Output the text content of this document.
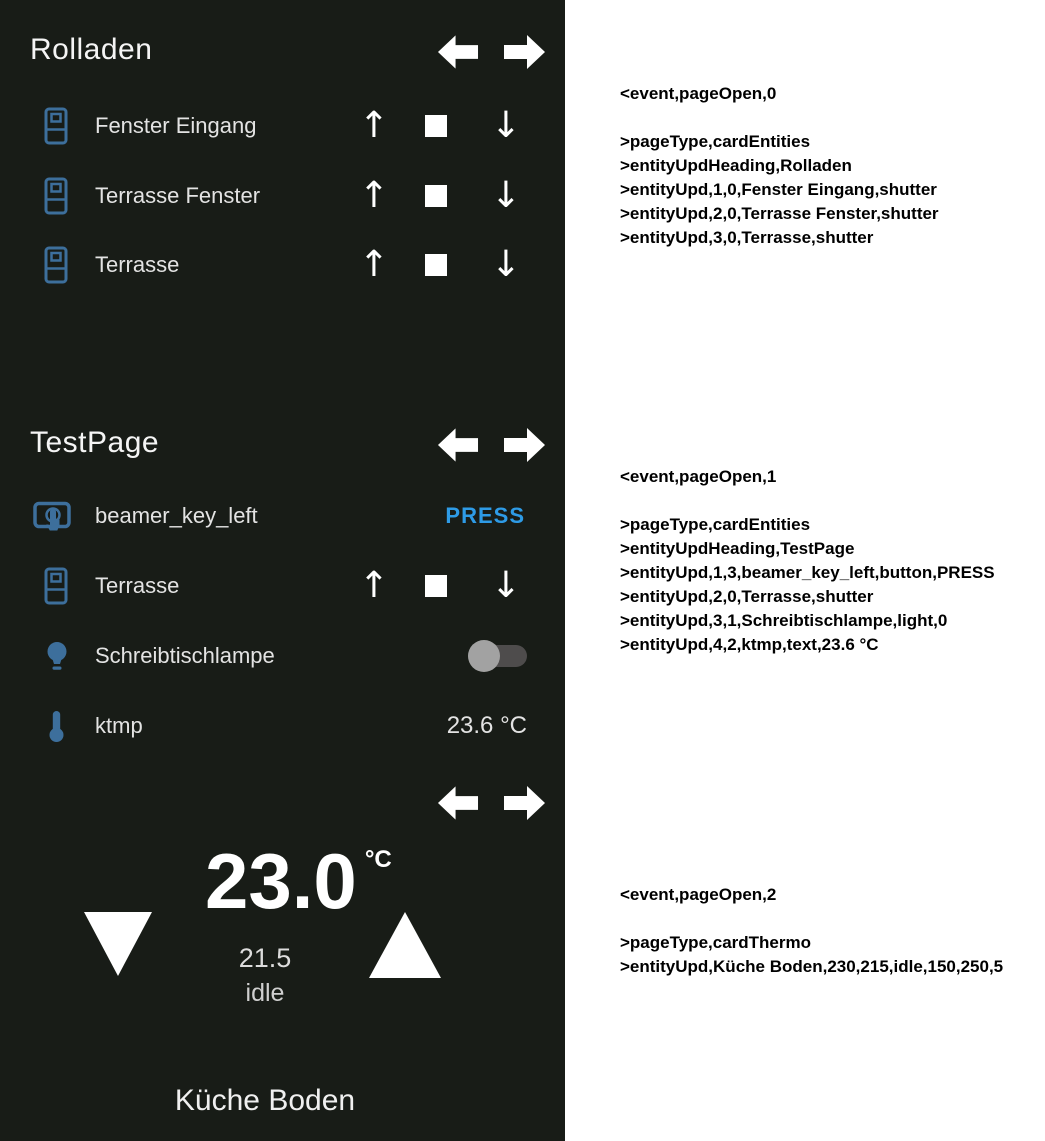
Rolladen
Fenster Eingang	↑	↓
Terrasse Fenster	↑	↓
Terrasse	↑	↓
TestPage
beamer_key_left	PRESS
Terrasse	↑	↓
Schreibtischlampe
ktmp	23.6 °C
23.0 °C
21.5
idle
Küche Boden
<event,pageOpen,0

>pageType,cardEntities
>entityUpdHeading,Rolladen
>entityUpd,1,0,Fenster Eingang,shutter
>entityUpd,2,0,Terrasse Fenster,shutter
>entityUpd,3,0,Terrasse,shutter
<event,pageOpen,1

>pageType,cardEntities
>entityUpdHeading,TestPage
>entityUpd,1,3,beamer_key_left,button,PRESS
>entityUpd,2,0,Terrasse,shutter
>entityUpd,3,1,Schreibtischlampe,light,0
>entityUpd,4,2,ktmp,text,23.6 °C
<event,pageOpen,2

>pageType,cardThermo
>entityUpd,Küche Boden,230,215,idle,150,250,5
